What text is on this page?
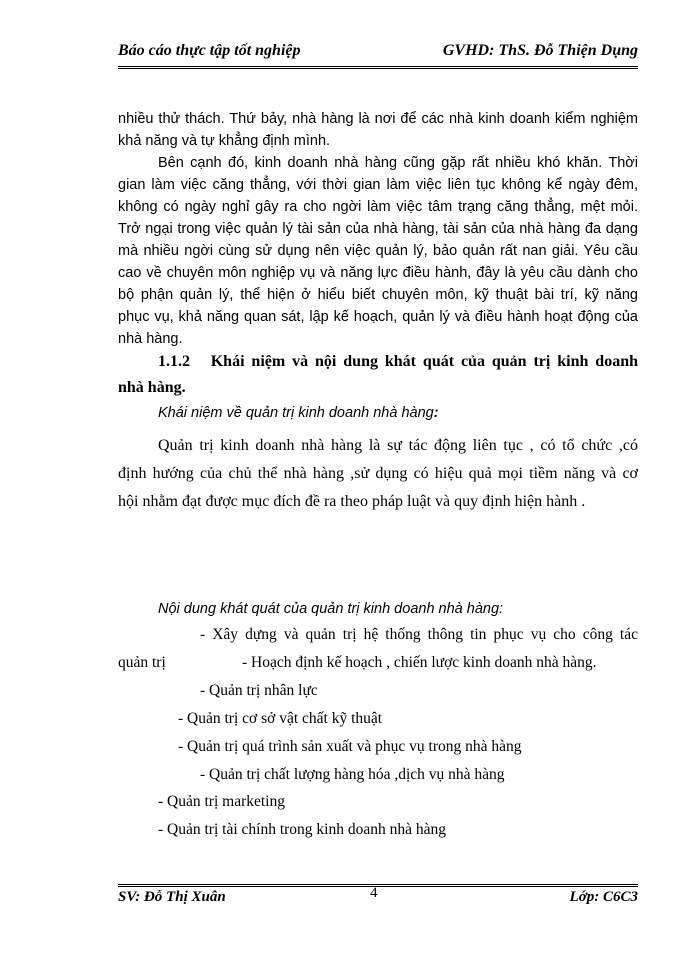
Báo cáo thực tập tốt nghiệp	GVHD: ThS. Đỗ Thiện Dụng
nhiều thử thách. Thứ bảy, nhà hàng là nơi để các nhà kinh doanh kiểm nghiệm
khả năng và tự khẳng định mình.
Bên cạnh đó, kinh doanh nhà hàng cũng gặp rất nhiều khó khăn. Thời
gian làm việc căng thẳng, với thời gian làm việc liên tục không kể ngày đêm,
không có ngày nghỉ gây ra cho ngời làm việc tâm trạng căng thẳng, mệt mỏi.
Trở ngại trong việc quản lý tài sản của nhà hàng, tài sản của nhà hàng đa dạng
mà nhiều ngời cùng sử dụng nên việc quản lý, bảo quản rất nan giải. Yêu cầu
cao về chuyên môn nghiệp vụ và năng lực điều hành, đây là yêu cầu dành cho
bộ phận quản lý, thể hiện ở hiểu biết chuyên môn, kỹ thuật bài trí, kỹ năng
phục vụ, khả năng quan sát, lập kế hoạch, quản lý và điều hành hoạt động của
nhà hàng.
1.1.2 Khái niệm và nội dung khát quát của quản trị kinh doanh
nhà hàng.
Khái niệm về quản trị kinh doanh nhà hàng:
Quản trị kinh doanh nhà hàng là sự tác động liên tục , có tổ chức ,có
định hướng của chủ thể nhà hàng ,sử dụng có hiệu quả mọi tiềm năng và cơ
hội nhằm đạt được mục đích đề ra theo pháp luật và quy định hiện hành .
Nội dung khát quát của quản trị kinh doanh nhà hàng:
- Xây dựng và quản trị hệ thống thông tin phục vụ cho công tác
quản trị	- Hoạch định kế hoạch , chiến lược kinh doanh nhà hàng.
- Quản trị nhân lực
- Quản trị cơ sở vật chất kỹ thuật
- Quản trị quá trình sản xuất và phục vụ trong nhà hàng
- Quản trị chất lượng hàng hóa ,dịch vụ nhà hàng
- Quản trị marketing
- Quản trị tài chính trong kinh doanh nhà hàng
SV: Đỗ Thị Xuân	4	Lớp: C6C3
